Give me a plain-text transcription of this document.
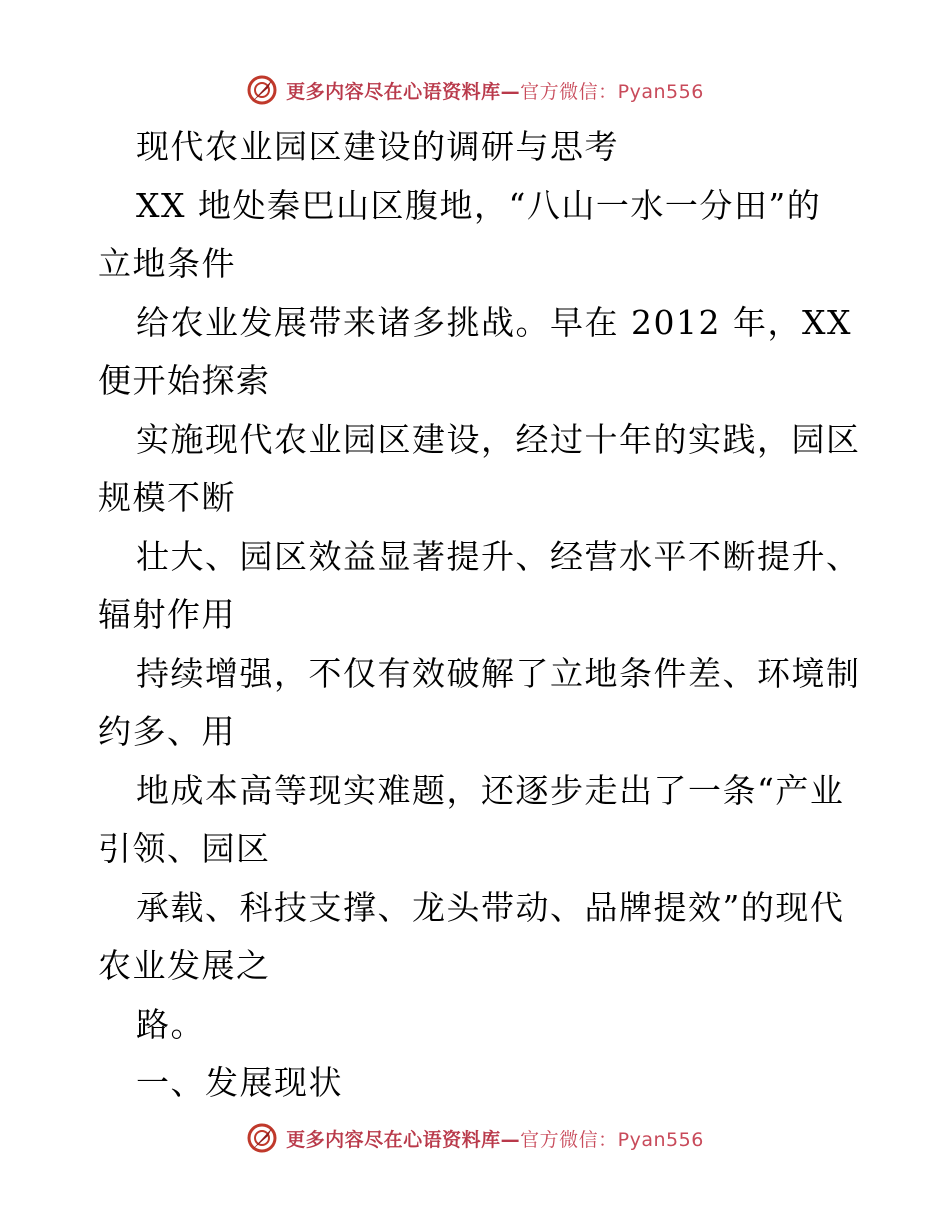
更多内容尽在心语资料库—官方微信：Pyan556

现代农业园区建设的调研与思考

XX 地处秦巴山区腹地，“八山一水一分田”的

立地条件

给农业发展带来诸多挑战。早在 2012 年，XX

便开始探索

实施现代农业园区建设，经过十年的实践，园区

规模不断

壮大、园区效益显著提升、经营水平不断提升、

辐射作用

持续增强，不仅有效破解了立地条件差、环境制

约多、用

地成本高等现实难题，还逐步走出了一条“产业

引领、园区

承载、科技支撑、龙头带动、品牌提效”的现代

农业发展之

路。

一、发展现状

更多内容尽在心语资料库—官方微信：Pyan556
